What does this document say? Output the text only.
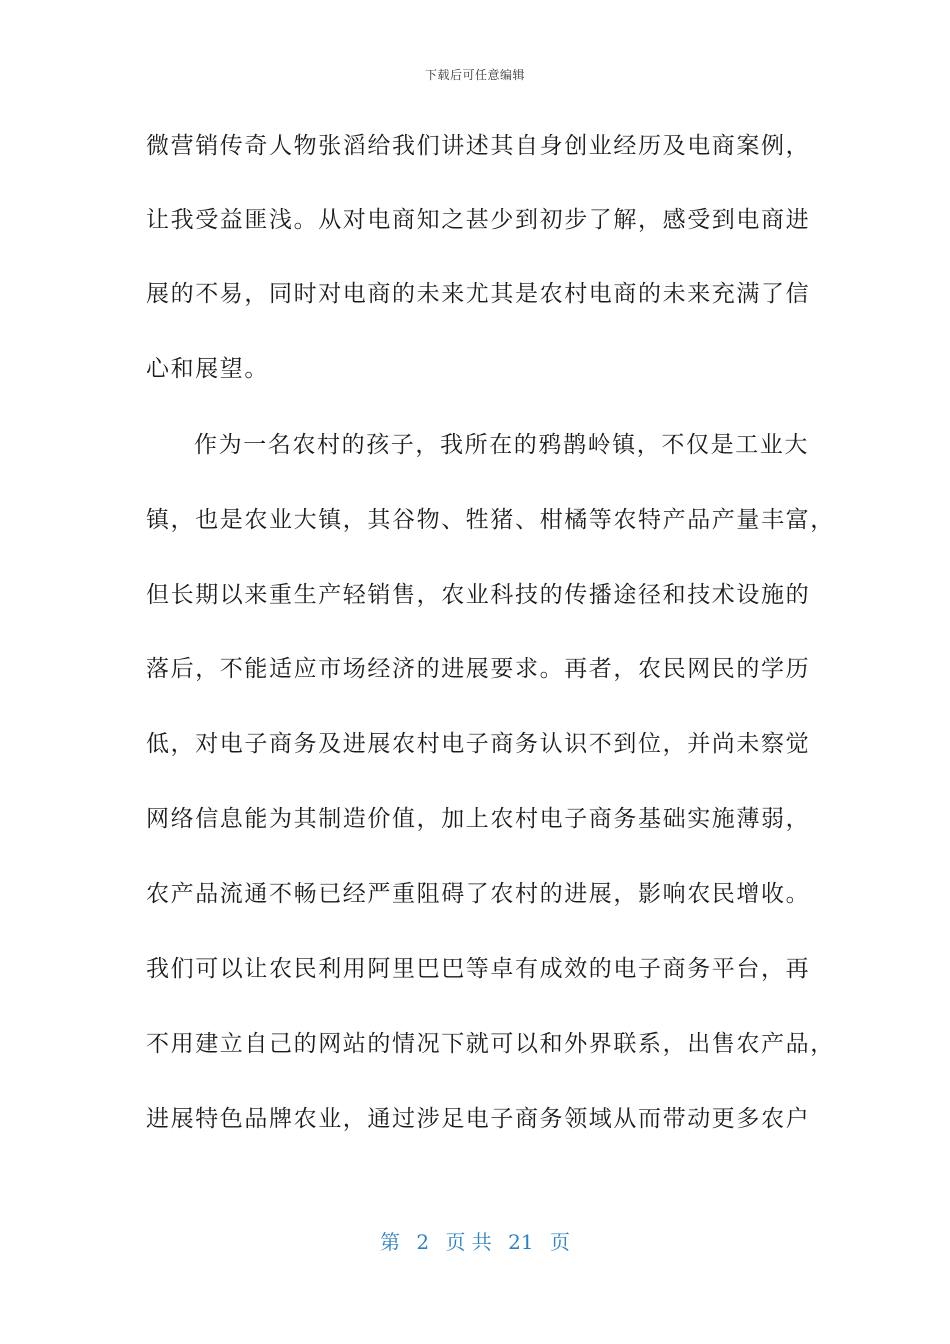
下载后可任意编辑
微营销传奇人物张滔给我们讲述其自身创业经历及电商案例，
让我受益匪浅。从对电商知之甚少到初步了解，感受到电商进
展的不易，同时对电商的未来尤其是农村电商的未来充满了信
心和展望。
作为一名农村的孩子，我所在的鸦鹊岭镇，不仅是工业大
镇，也是农业大镇，其谷物、牲猪、柑橘等农特产品产量丰富，
但长期以来重生产轻销售，农业科技的传播途径和技术设施的
落后，不能适应市场经济的进展要求。再者，农民网民的学历
低，对电子商务及进展农村电子商务认识不到位，并尚未察觉
网络信息能为其制造价值，加上农村电子商务基础实施薄弱，
农产品流通不畅已经严重阻碍了农村的进展，影响农民增收。
我们可以让农民利用阿里巴巴等卓有成效的电子商务平台，再
不用建立自己的网站的情况下就可以和外界联系，出售农产品，
进展特色品牌农业，通过涉足电子商务领域从而带动更多农户
第 2 页 共 21 页
